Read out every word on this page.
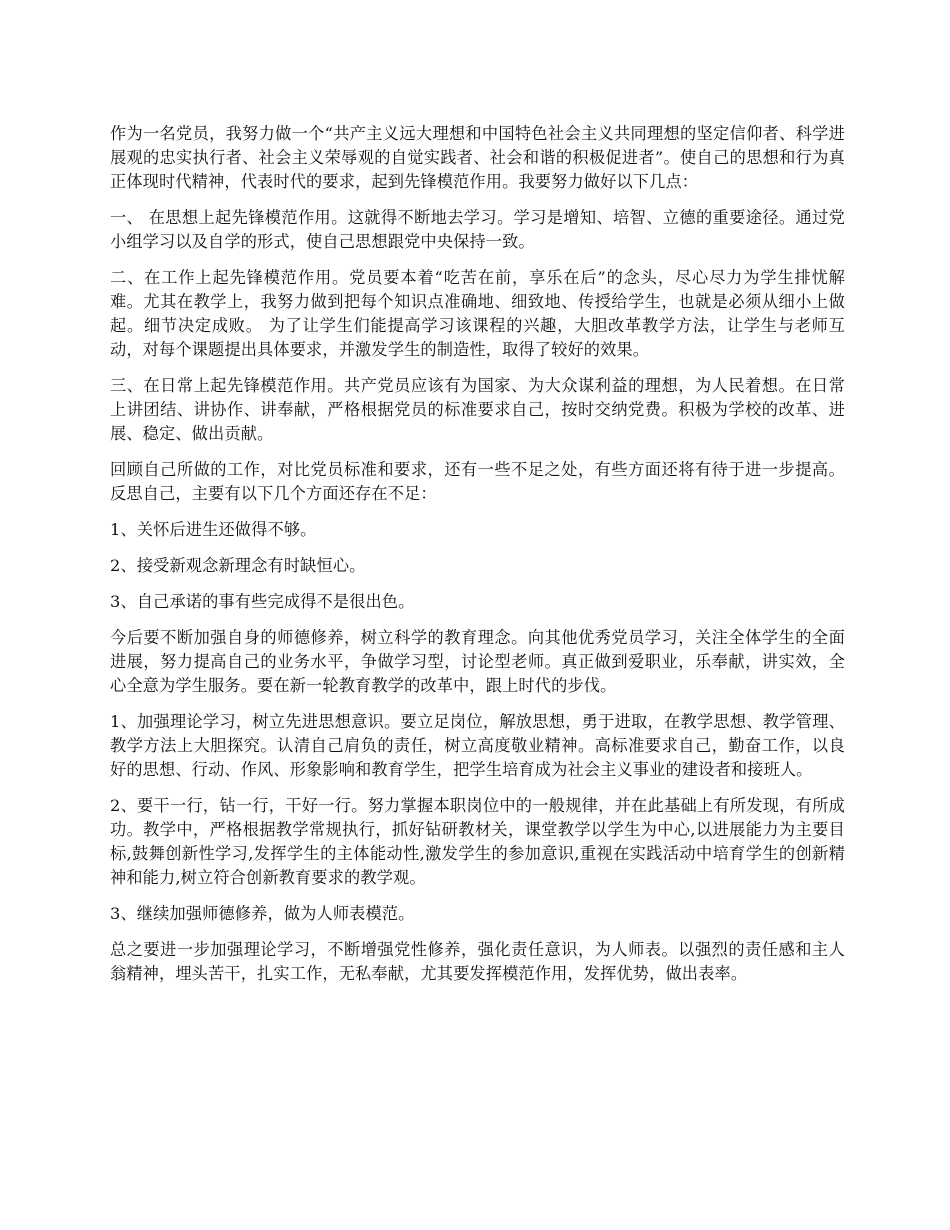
作为一名党员，我努力做一个“共产主义远大理想和中国特色社会主义共同理想的坚定信仰者、科学进展观的忠实执行者、社会主义荣辱观的自觉实践者、社会和谐的积极促进者”。使自己的思想和行为真正体现时代精神，代表时代的要求，起到先锋模范作用。我要努力做好以下几点：

一、 在思想上起先锋模范作用。这就得不断地去学习。学习是增知、培智、立德的重要途径。通过党小组学习以及自学的形式，使自己思想跟党中央保持一致。

二、在工作上起先锋模范作用。党员要本着“吃苦在前，享乐在后”的念头，尽心尽力为学生排忧解难。尤其在教学上，我努力做到把每个知识点准确地、细致地、传授给学生，也就是必须从细小上做起。细节决定成败。 为了让学生们能提高学习该课程的兴趣，大胆改革教学方法，让学生与老师互动，对每个课题提出具体要求，并激发学生的制造性，取得了较好的效果。

三、在日常上起先锋模范作用。共产党员应该有为国家、为大众谋利益的理想，为人民着想。在日常上讲团结、讲协作、讲奉献，严格根据党员的标准要求自己，按时交纳党费。积极为学校的改革、进展、稳定、做出贡献。

回顾自己所做的工作，对比党员标准和要求，还有一些不足之处，有些方面还将有待于进一步提高。反思自己，主要有以下几个方面还存在不足：

1、关怀后进生还做得不够。

2、接受新观念新理念有时缺恒心。

3、自己承诺的事有些完成得不是很出色。

今后要不断加强自身的师德修养，树立科学的教育理念。向其他优秀党员学习，关注全体学生的全面进展，努力提高自己的业务水平，争做学习型，讨论型老师。真正做到爱职业，乐奉献，讲实效，全心全意为学生服务。要在新一轮教育教学的改革中，跟上时代的步伐。

1、加强理论学习，树立先进思想意识。要立足岗位，解放思想，勇于进取，在教学思想、教学管理、教学方法上大胆探究。认清自己肩负的责任，树立高度敬业精神。高标准要求自己，勤奋工作，以良好的思想、行动、作风、形象影响和教育学生，把学生培育成为社会主义事业的建设者和接班人。

2、要干一行，钻一行，干好一行。努力掌握本职岗位中的一般规律，并在此基础上有所发现，有所成功。教学中，严格根据教学常规执行，抓好钻研教材关，课堂教学以学生为中心,以进展能力为主要目标,鼓舞创新性学习,发挥学生的主体能动性,激发学生的参加意识,重视在实践活动中培育学生的创新精神和能力,树立符合创新教育要求的教学观。

3、继续加强师德修养，做为人师表模范。

总之要进一步加强理论学习，不断增强党性修养，强化责任意识，为人师表。以强烈的责任感和主人翁精神，埋头苦干，扎实工作，无私奉献，尤其要发挥模范作用，发挥优势，做出表率。
